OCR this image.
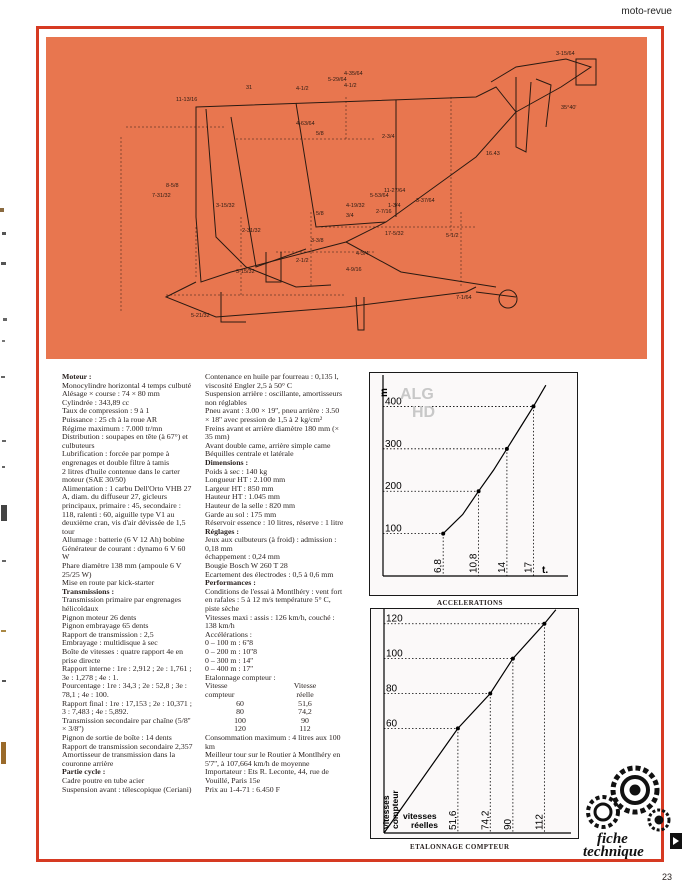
moto-revue
3-15/64
4-35/64
5-29/64
4-1/2
4-1/2
31
11-13/16
4-63/64
5/8	2-3/4
8-5/8
7-31/32
3-15/32	4-19/32
5-53/64
11-27/64
1-3/4
3-37/64
2-7/16
3/4
5/8
2-31/32	17-5/32	5-1/2
16.43
35°40'
3-3/8
4-3/4
2-1/2
4-9/16
5-21/32
3-15/32
7-1/64

Moteur :

Monocylindre horizontal 4 temps culbuté

Alésage × course : 74 × 80 mm

Cylindrée : 343,89 cc

Taux de compression : 9 à 1

Puissance : 25 ch à la roue AR

Régime maximum : 7.000 tr/mn

Distribution : soupapes en tête (à 67°) et culbuteurs

Lubrification : forcée par pompe à engrenages et double filtre à tamis

2 litres d'huile contenue dans le carter moteur (SAE 30/50)

Alimentation : 1 carbu Dell'Orto VHB 27 A, diam. du diffuseur 27, gicleurs principaux, primaire : 45, secondaire : 118, ralenti : 60, aiguille type V1 au deuxième cran, vis d'air dévissée de 1,5 tour

Allumage : batterie (6 V 12 Ah) bobine

Générateur de courant : dynamo 6 V 60 W

Phare diamètre 138 mm (ampoule 6 V 25/25 W)

Mise en route par kick-starter

Transmissions :

Transmission primaire par engrenages hélicoïdaux

Pignon moteur 26 dents

Pignon embrayage 65 dents

Rapport de transmission : 2,5

Embrayage : multidisque à sec

Boîte de vitesses : quatre rapport 4e en prise directe

Rapport interne : 1re : 2,912 ; 2e : 1,761 ; 3e : 1,278 ; 4e : 1.

Pourcentage : 1re : 34,3 ; 2e : 52,8 ; 3e : 78,1 ; 4e : 100.

Rapport final : 1re : 17,153 ; 2e : 10,371 ; 3 : 7,483 ; 4e : 5,892.

Transmission secondaire par chaîne (5/8'' × 3/8'')

Pignon de sortie de boîte : 14 dents

Rapport de transmission secondaire 2,357

Amortisseur de transmission dans la couronne arrière

Partie cycle :

Cadre poutre en tube acier

Suspension avant : télescopique (Ceriani)

Contenance en huile par fourreau : 0,135 l, viscosité Engler 2,5 à 50° C

Suspension arrière : oscillante, amortisseurs non réglables

Pneu avant : 3.00 × 19'', pneu arrière : 3.50 × 18'' avec pression de 1,5 à 2 kg/cm²

Freins avant et arrière diamètre 180 mm (× 35 mm)

Avant double came, arrière simple came

Béquilles centrale et latérale

Dimensions :

Poids à sec : 140 kg

Longueur HT : 2.100 mm

Largeur HT : 850 mm

Hauteur HT : 1.045 mm

Hauteur de la selle : 820 mm

Garde au sol : 175 mm

Réservoir essence : 10 litres, réserve : 1 litre

Réglages :

Jeux aux culbuteurs (à froid) : admission : 0,18 mm

échappement : 0,24 mm

Bougie Bosch W 260 T 28

Ecartement des électrodes : 0,5 à 0,6 mm

Performances :

Conditions de l'essai à Montlhéry : vent fort en rafales : 5 à 12 m/s température 5° C, piste sèche

Vitesses maxi : assis : 126 km/h, couché : 138 km/h

Accélérations :

0 – 100 m : 6''8

0 – 200 m : 10''8

0 – 300 m : 14''

0 – 400 m : 17''

Etalonnage compteur :

Vitesse	Vitesse
compteur	réelle
60	51,6
80	74,2
100	90
120	112

Consommation maximum : 4 litres aux 100 km

Meilleur tour sur le Routier à Montlhéry en 5'7'', à 107,664 km/h de moyenne

Importateur : Ets R. Leconte, 44, rue de Vouillé, Paris 15e

Prix au 1-4-71 : 6.450 F

100
6,8
200
10,8
300
14
400
17
m
t.
ALG
HD
ACCELERATIONS
60
51,6
80
74,2
100
90
120
112
vitesses compteur vitesses
réelles
ETALONNAGE COMPTEUR	fiche
technique
23
